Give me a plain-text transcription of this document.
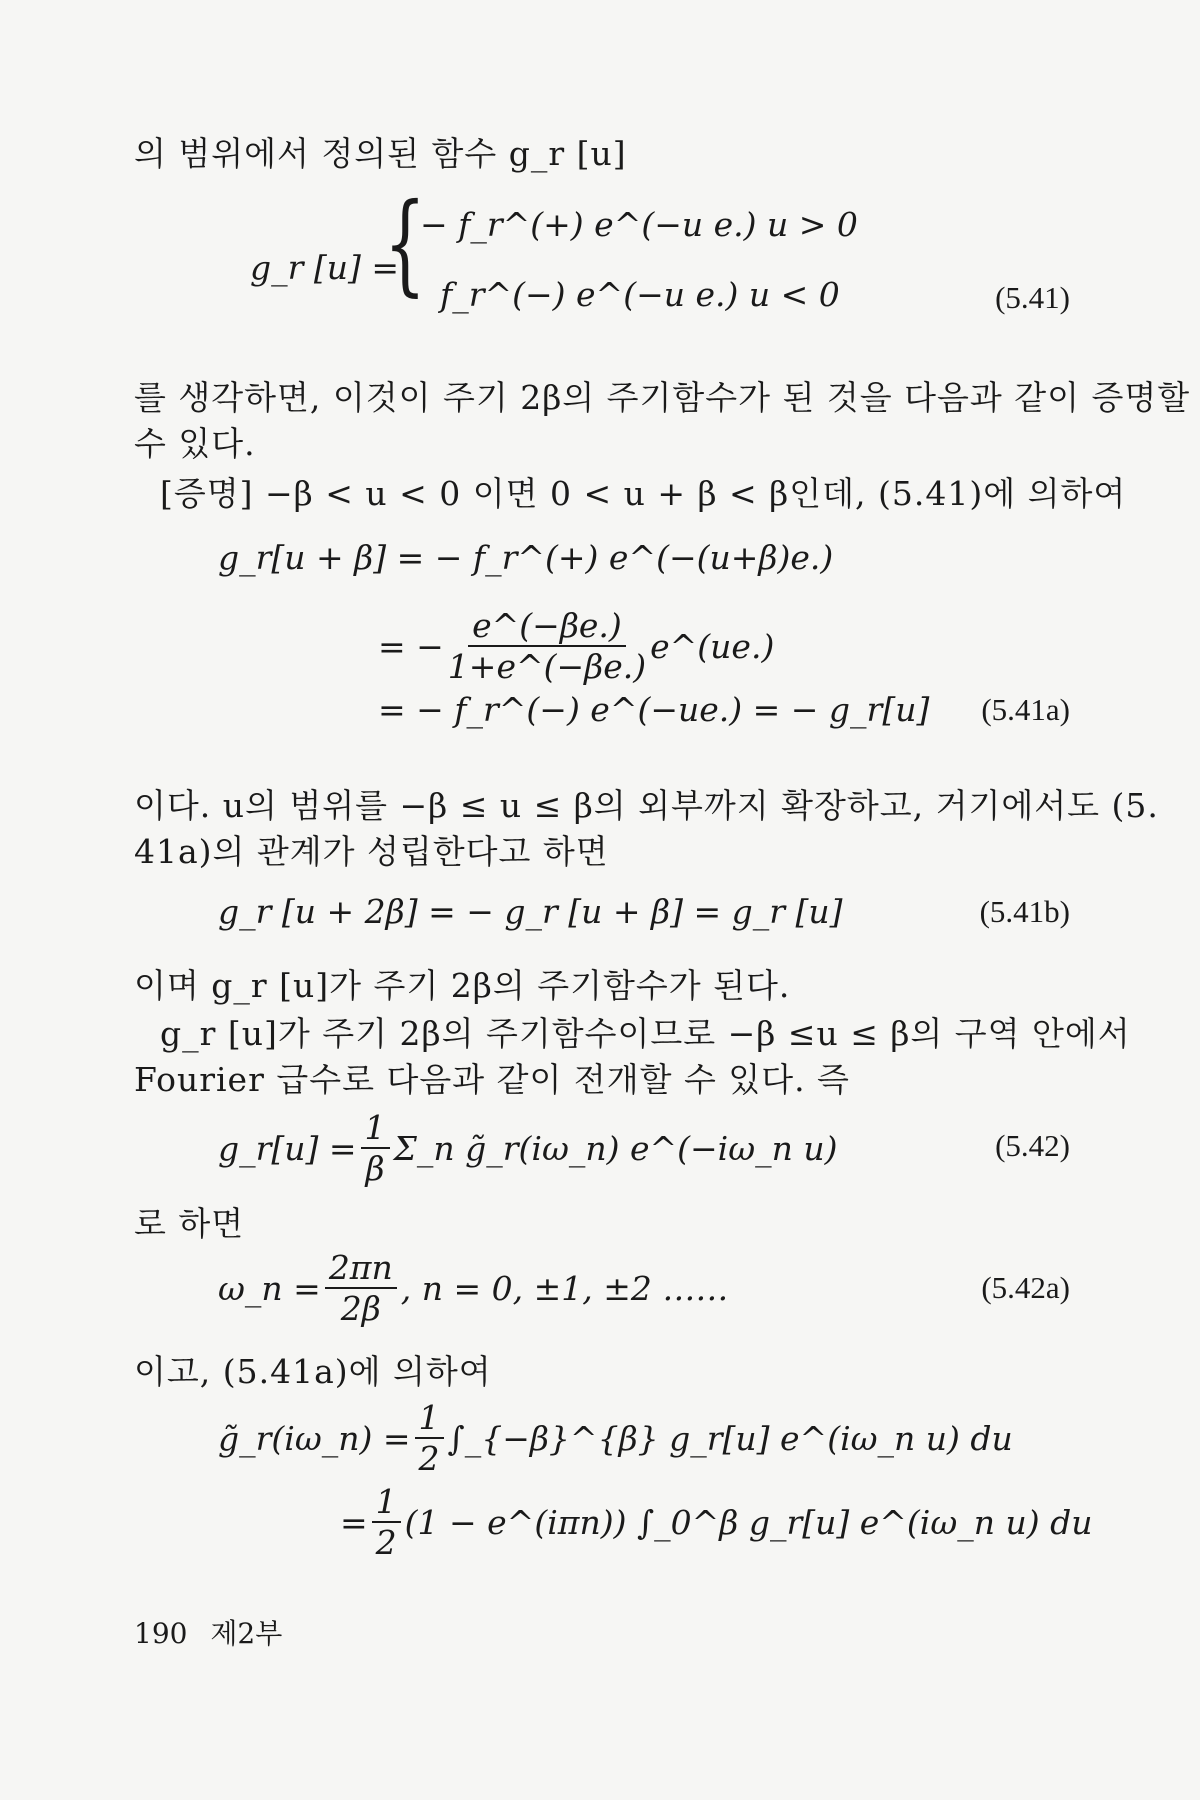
의 범위에서 정의된 함수 g_r [u]
g_r [u] =
{
− f_r^(+) e^(−u e.) u > 0
f_r^(−) e^(−u e.) u < 0	(5.41)
를 생각하면, 이것이 주기 2β의 주기함수가 된 것을 다음과 같이 증명할
수 있다.
[증명] −β < u < 0 이면 0 < u + β < β인데, (5.41)에 의하여
g_r[u + β] = − f_r^(+) e^(−(u+β)e.)
= − $\frac{e\^{}(-\beta e.)}{1+e\^{}(-\beta e.)}$ e^(ue.)
= − f_r^(−) e^(−ue.) = − g_r[u] (5.41a)
이다. u의 범위를 −β ≤ u ≤ β의 외부까지 확장하고, 거기에서도 (5.
41a)의 관계가 성립한다고 하면
g_r [u + 2β] = − g_r [u + β] = g_r [u]	(5.41b)
이며 g_r [u]가 주기 2β의 주기함수가 된다.
g_r [u]가 주기 2β의 주기함수이므로 −β ≤u ≤ β의 구역 안에서
Fourier 급수로 다음과 같이 전개할 수 있다. 즉
g_r[u] = $\frac{1}{\beta}$ Σ_n g̃_r(iω_n) e^(−iω_n u)	(5.42)
로 하면
ω_n = $\frac{2\pi n}{2\beta}$ , n = 0, ±1, ±2 ……	(5.42a)
이고, (5.41a)에 의하여
g̃_r(iω_n) = $\frac{1}{2}$ ∫_{−β}^{β} g_r[u] e^(iω_n u) du
= $\frac{1}{2} (1$ − e^(iπn)) ∫_0^β g_r[u] e^(iω_n u) du
190 제2부
